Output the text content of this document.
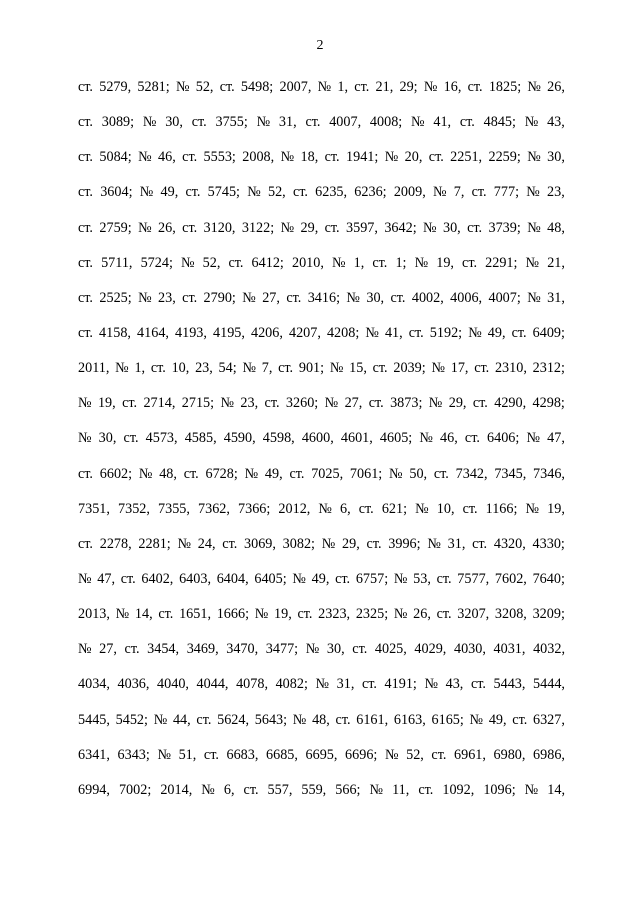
2
ст. 5279, 5281; № 52, ст. 5498; 2007, № 1, ст. 21, 29; № 16, ст. 1825; № 26,
ст. 3089; № 30, ст. 3755; № 31, ст. 4007, 4008; № 41, ст. 4845; № 43,
ст. 5084; № 46, ст. 5553; 2008, № 18, ст. 1941; № 20, ст. 2251, 2259; № 30,
ст. 3604; № 49, ст. 5745; № 52, ст. 6235, 6236; 2009, № 7, ст. 777; № 23,
ст. 2759; № 26, ст. 3120, 3122; № 29, ст. 3597, 3642; № 30, ст. 3739; № 48,
ст. 5711, 5724; № 52, ст. 6412; 2010, № 1, ст. 1; № 19, ст. 2291; № 21,
ст. 2525; № 23, ст. 2790; № 27, ст. 3416; № 30, ст. 4002, 4006, 4007; № 31,
ст. 4158, 4164, 4193, 4195, 4206, 4207, 4208; № 41, ст. 5192; № 49, ст. 6409;
2011, № 1, ст. 10, 23, 54; № 7, ст. 901; № 15, ст. 2039; № 17, ст. 2310, 2312;
№ 19, ст. 2714, 2715; № 23, ст. 3260; № 27, ст. 3873; № 29, ст. 4290, 4298;
№ 30, ст. 4573, 4585, 4590, 4598, 4600, 4601, 4605; № 46, ст. 6406; № 47,
ст. 6602; № 48, ст. 6728; № 49, ст. 7025, 7061; № 50, ст. 7342, 7345, 7346,
7351, 7352, 7355, 7362, 7366; 2012, № 6, ст. 621; № 10, ст. 1166; № 19,
ст. 2278, 2281; № 24, ст. 3069, 3082; № 29, ст. 3996; № 31, ст. 4320, 4330;
№ 47, ст. 6402, 6403, 6404, 6405; № 49, ст. 6757; № 53, ст. 7577, 7602, 7640;
2013, № 14, ст. 1651, 1666; № 19, ст. 2323, 2325; № 26, ст. 3207, 3208, 3209;
№ 27, ст. 3454, 3469, 3470, 3477; № 30, ст. 4025, 4029, 4030, 4031, 4032,
4034, 4036, 4040, 4044, 4078, 4082; № 31, ст. 4191; № 43, ст. 5443, 5444,
5445, 5452; № 44, ст. 5624, 5643; № 48, ст. 6161, 6163, 6165; № 49, ст. 6327,
6341, 6343; № 51, ст. 6683, 6685, 6695, 6696; № 52, ст. 6961, 6980, 6986,
6994, 7002; 2014, № 6, ст. 557, 559, 566; № 11, ст. 1092, 1096; № 14,
